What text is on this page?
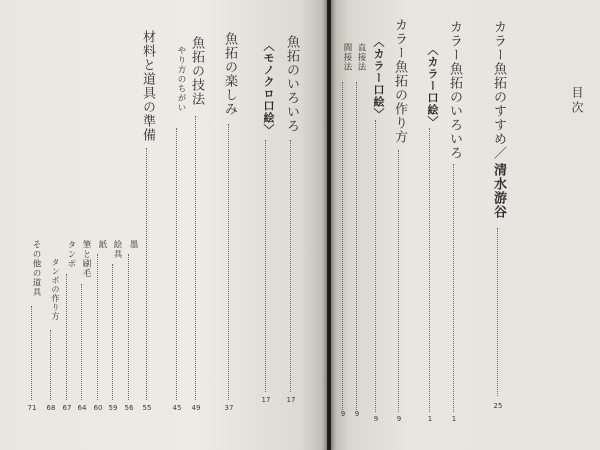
目次
カラー魚拓のすすめ／
清水游谷
25
カラー魚拓のいろいろ
1
〈カラー口絵〉
1
カラー魚拓の作り方
9
〈カラー口絵〉
9
直接法
9
間接法
9
魚拓のいろいろ
17
〈モノクロ口絵〉
17
魚拓の楽しみ
37
魚拓の技法
49
やり方のちがい
45
材料と道具の準備
55
墨
56
絵具
59
紙
60
筆と刷毛
64
タンポ
67
タンポの作り方
68
その他の道具
71
